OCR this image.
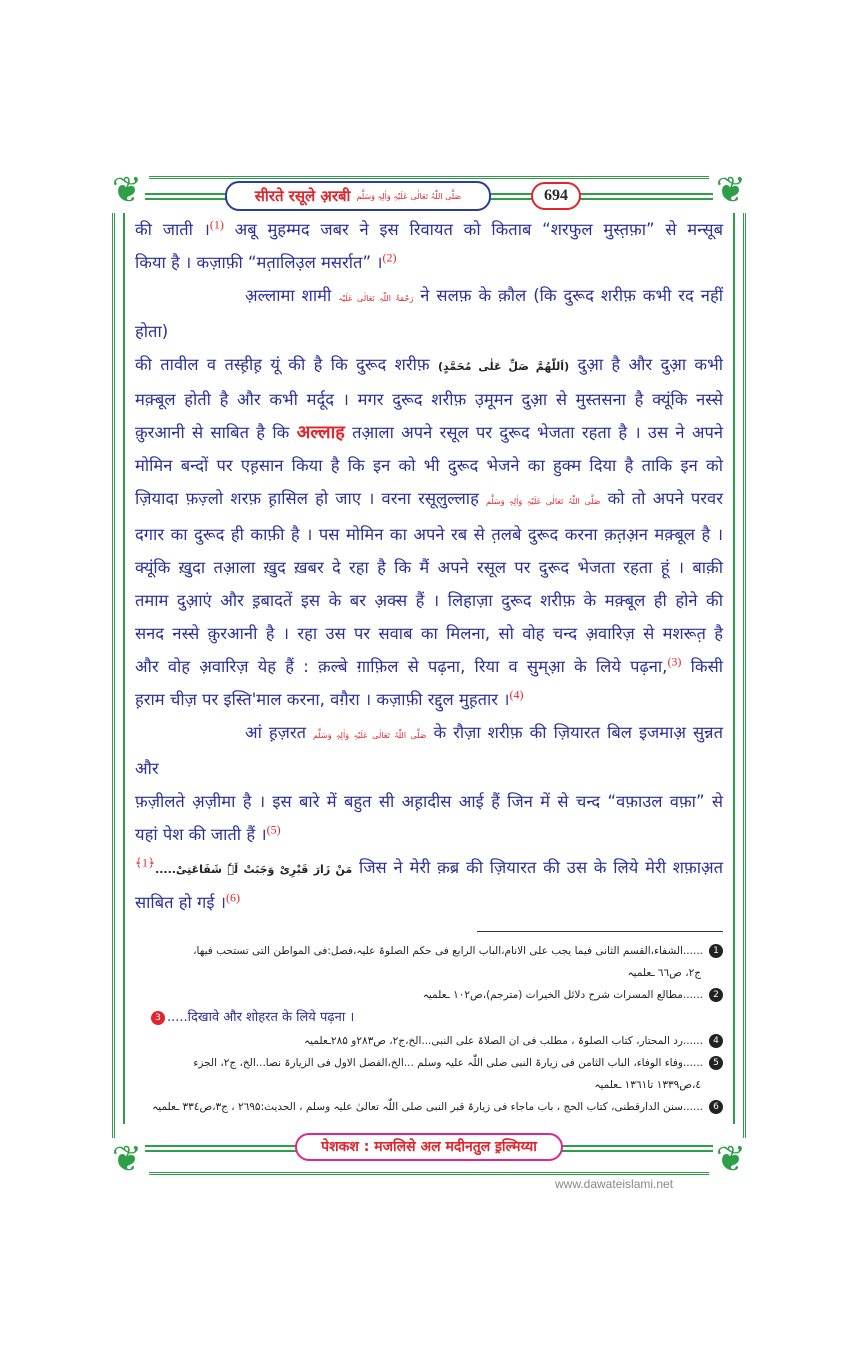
❦	❦
❦	❦
सीरते रसूले अ़रबी صَلَّی اللّٰہُ تَعَالٰی عَلَیْہِ وَاٰلِہٖ وَسَلَّم	694
की जाती ।$^{(1)}$ अबू मुहम्मद जबर ने इस रिवायत को किताब “शरफुल मुस्त़फ़ा” से मन्सूब
किया है । कज़ाफ़ी “मत़ालिउ़ल मसर्रात” ।$^{(2)}$
अ़ल्लामा शामी رَحْمَۃُ اللّٰہِ تَعَالٰی عَلَیْہ ने सलफ़ के क़ौल (कि दुरूद शरीफ़ कभी रद नहीं होता)
की तावील व तस्ह़ीह़ यूं की है कि दुरूद शरीफ़ (اَللّٰھُمَّ صَلِّ عَلٰی مُحَمَّدٍ) दुआ़ है और दुआ़ कभी
मक़्बूल होती है और कभी मर्दूद । मगर दुरूद शरीफ़ उ़मूमन दुआ़ से मुस्तसना है क्यूंकि नस्से
क़ुरआनी से साबित है कि अल्लाह तआ़ला अपने रसूल पर दुरूद भेजता रहता है । उस ने अपने
मोमिन बन्दों पर एह़सान किया है कि इन को भी दुरूद भेजने का हुक्म दिया है ताकि इन को
ज़ियादा फ़ज़्लो शरफ़ ह़ासिल हो जाए । वरना रसूलुल्लाह صَلَّی اللّٰہُ تَعَالٰی عَلَیْہِ وَاٰلِہٖ وَسَلَّم को तो अपने परवर
दगार का दुरूद ही काफ़ी है । पस मोमिन का अपने रब से त़लबे दुरूद करना क़त़अ़न मक़्बूल है ।
क्यूंकि ख़ुदा तआ़ला ख़ुद ख़बर दे रहा है कि मैं अपने रसूल पर दुरूद भेजता रहता हूं । बाक़ी
तमाम दुआ़एं और इ़बादतें इस के बर अ़क्स हैं । लिहाज़ा दुरूद शरीफ़ के मक़्बूल ही होने की
सनद नस्से क़ुरआनी है । रहा उस पर सवाब का मिलना, सो वोह चन्द अ़वारिज़ से मशरूत़ है
और वोह अ़वारिज़ येह हैं : क़ल्बे ग़ाफ़िल से पढ़ना, रिया व सुम्आ़ के लिये पढ़ना,$^{(3)}$ किसी
ह़राम चीज़ पर इस्ति'माल करना, वग़ैरा । कज़ाफ़ी रद्दुल मुह़तार ।$^{(4)}$
आं ह़ज़रत صَلَّی اللّٰہُ تَعَالٰی عَلَیْہِ وَاٰلِہٖ وَسَلَّم के रौज़ा शरीफ़ की ज़ियारत बिल इजमाअ़ सुन्नत और
फ़ज़ीलते अ़ज़ीमा है । इस बारे में बहुत सी अह़ादीस आई हैं जिन में से चन्द “वफ़ाउल वफ़ा” से
यहां पेश की जाती हैं ।$^{(5)}$
$^{﴾1﴿}$.....مَنْ زَارَ قَبْرِیْ وَجَبَتْ لَہٗ شَفَاعَتِیْ जिस ने मेरी क़ब्र की ज़ियारत की उस के लिये मेरी शफ़ाअ़त
साबित हो गई ।$^{(6)}$
1......الشفاء،القسم الثانی فیما یجب علی الانام،الباب الرابع فی حکم الصلوۃ علیہ،فصل:فی المواطن التی تستحب فیھا،
ج۲، ص٦٦ ـعلمیہ
2......مطالع المسرات شرح دلائل الخیرات (مترجم)،ص۱۰۲ ـعلمیہ
3 .....दिखावे और शोहरत के लिये पढ़ना ।
4......رد المحتار، کتاب الصلوۃ ، مطلب فی ان الصلاۃ علی النبی...الخ،ج۲، ص۲۸۳و ۲۸۵ـعلمیہ
5......وفاء الوفاء، الباب الثامن فی زیارۃ النبی صلی اللّٰہ علیہ وسلم ...الخ،الفصل الاول فی الزیارۃ نصا...الخ، ج۲، الجزء
٤،ص۱۳۳۹ تا۱۳٦۱ ـعلمیہ
6......سنن الدارقطنی، کتاب الحج ، باب ماجاء فی زیارۃ قبر النبی صلی اللّٰہ تعالیٰ علیہ وسلم ، الحدیث:۲٦۹۵ ، ج۳،ص۳۳٤ ـعلمیہ
पेशकश : मजलिसे अल मदीनतुल इ़ल्मिय्या
www.dawateislami.net
